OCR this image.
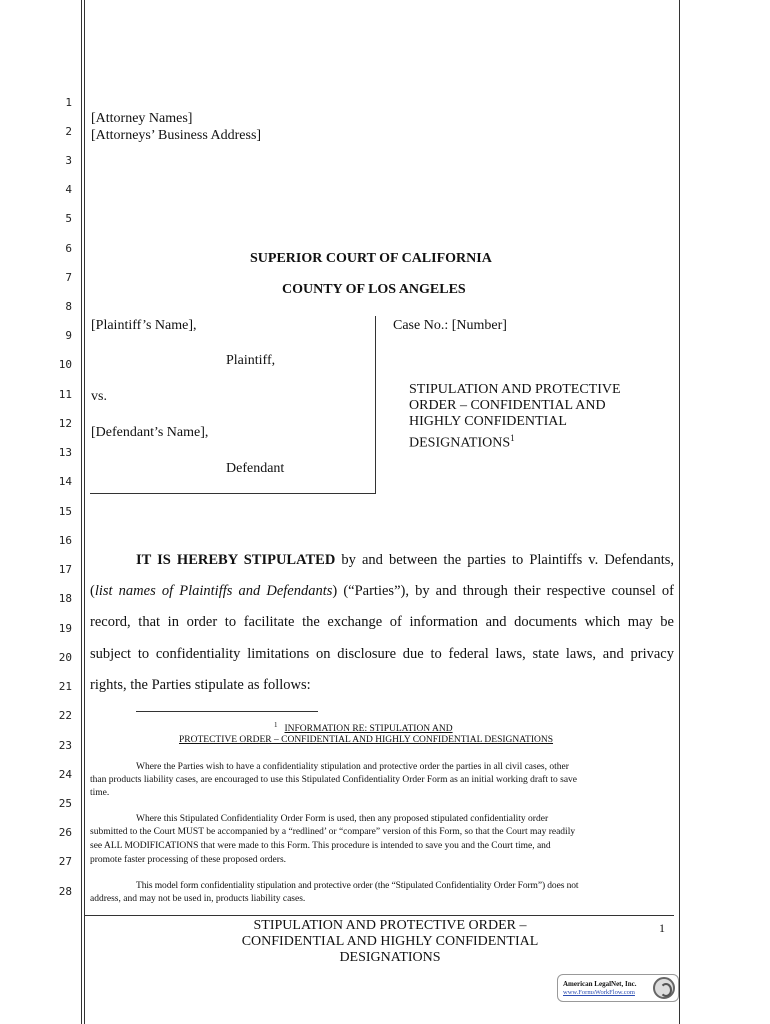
1
2
3
4
5
6
7
8
9
10
11
12
13
14
15
16
17
18
19
20
21
22
23
24
25
26
27
28
[Attorney Names]
[Attorneys’ Business Address]
SUPERIOR COURT OF CALIFORNIA
COUNTY OF LOS ANGELES
[Plaintiff’s Name],
Plaintiff,
vs.
[Defendant’s Name],
Defendant
Case No.: [Number]
STIPULATION AND PROTECTIVE
ORDER – CONFIDENTIAL AND
HIGHLY CONFIDENTIAL
DESIGNATIONS$^1$
IT IS HEREBY STIPULATED by and between the parties to Plaintiffs v. Defendants,
(list names of Plaintiffs and Defendants) (“Parties”), by and through their respective counsel of
record, that in order to facilitate the exchange of information and documents which may be
subject to confidentiality limitations on disclosure due to federal laws, state laws, and privacy
rights, the Parties stipulate as follows:
$^1$ INFORMATION RE: STIPULATION AND
PROTECTIVE ORDER – CONFIDENTIAL AND HIGHLY CONFIDENTIAL DESIGNATIONS
Where the Parties wish to have a confidentiality stipulation and protective order the parties in all civil cases, other
than products liability cases, are encouraged to use this Stipulated Confidentiality Order Form as an initial working draft to save
time.
Where this Stipulated Confidentiality Order Form is used, then any proposed stipulated confidentiality order
submitted to the Court MUST be accompanied by a “redlined’ or “compare” version of this Form, so that the Court may readily
see ALL MODIFICATIONS that were made to this Form. This procedure is intended to save you and the Court time, and
promote faster processing of these proposed orders.
This model form confidentiality stipulation and protective order (the “Stipulated Confidentiality Order Form”) does not
address, and may not be used in, products liability cases.
STIPULATION AND PROTECTIVE ORDER –
CONFIDENTIAL AND HIGHLY CONFIDENTIAL
DESIGNATIONS
1
American LegalNet, Inc.
www.FormsWorkFlow.com
